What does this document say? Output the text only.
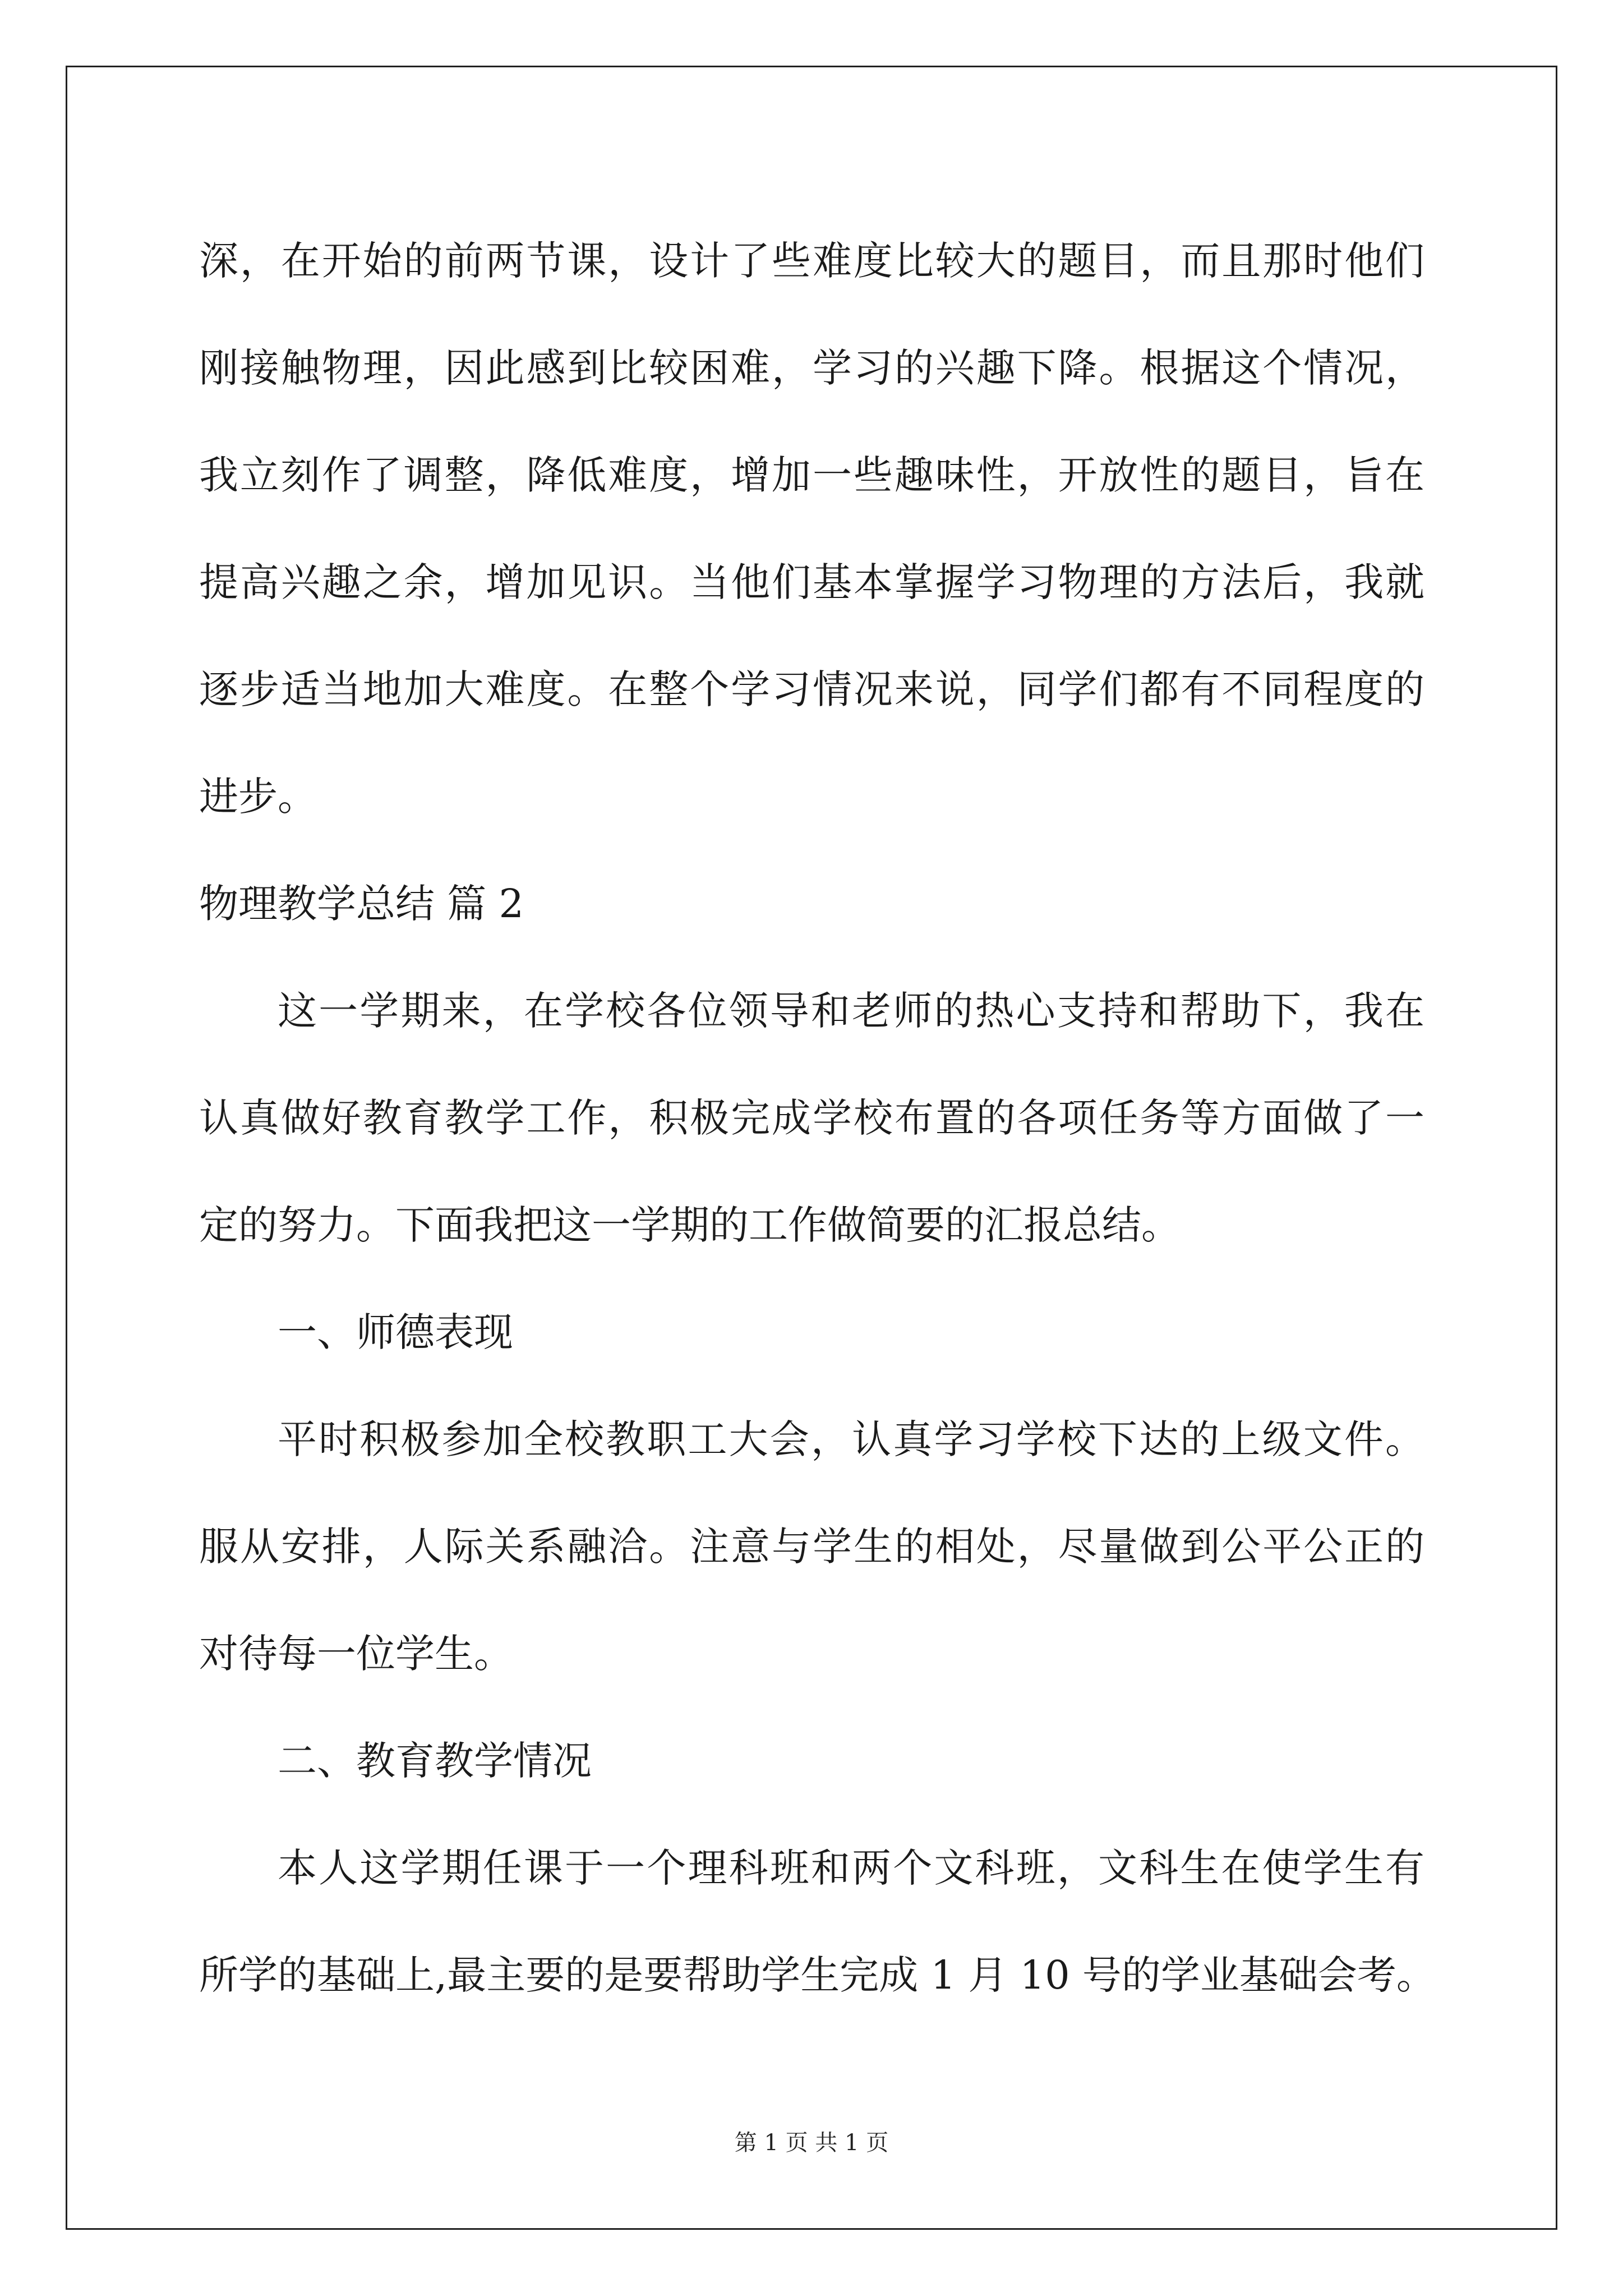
深，在开始的前两节课，设计了些难度比较大的题目，而且那时他们
刚接触物理，因此感到比较困难，学习的兴趣下降。根据这个情况，
我立刻作了调整，降低难度，增加一些趣味性，开放性的题目，旨在
提高兴趣之余，增加见识。当他们基本掌握学习物理的方法后，我就
逐步适当地加大难度。在整个学习情况来说，同学们都有不同程度的
进步。
物理教学总结 篇 2
这一学期来，在学校各位领导和老师的热心支持和帮助下，我在
认真做好教育教学工作，积极完成学校布置的各项任务等方面做了一
定的努力。下面我把这一学期的工作做简要的汇报总结。
一、师德表现
平时积极参加全校教职工大会，认真学习学校下达的上级文件。
服从安排，人际关系融洽。注意与学生的相处，尽量做到公平公正的
对待每一位学生。
二、教育教学情况
本人这学期任课于一个理科班和两个文科班，文科生在使学生有
所学的基础上,最主要的是要帮助学生完成 1 月 10 号的学业基础会考。
第 1 页 共 1 页
